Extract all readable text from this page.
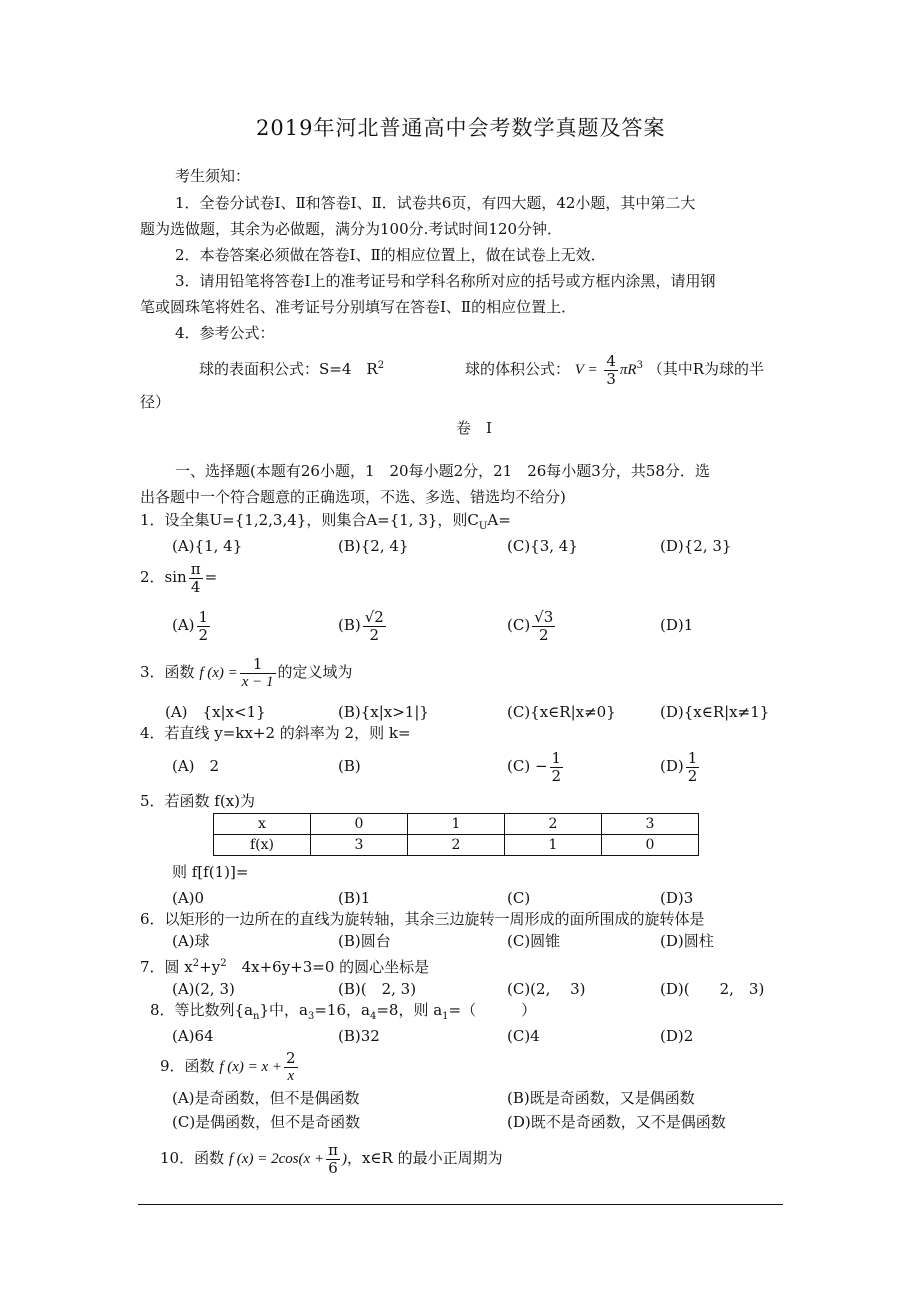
2019年河北普通高中会考数学真题及答案
考生须知：
1．全卷分试卷Ⅰ、Ⅱ和答卷Ⅰ、Ⅱ．试卷共6页，有四大题，42小题，其中第二大
题为选做题，其余为必做题，满分为100分.考试时间120分钟．
2．本卷答案必须做在答卷Ⅰ、Ⅱ的相应位置上，做在试卷上无效．
3．请用铅笔将答卷Ⅰ上的准考证号和学科名称所对应的括号或方框内涂黑，请用钢
笔或圆珠笔将姓名、准考证号分别填写在答卷Ⅰ、Ⅱ的相应位置上．
4．参考公式：
球的表面积公式：S=4　$R^2$	球的体积公式： $V = \frac{4}{3} \pi R^3$ （其中R为球的半
径）
卷　Ⅰ
一、选择题(本题有26小题，1　20每小题2分，21　26每小题3分，共58分．选
出各题中一个符合题意的正确选项，不选、多选、错选均不给分)
1．设全集U={1,2,3,4}，则集合A={1, 3}，则$C_UA=$
(A){1, 4}	(B){2, 4}	(C){3, 4}	(D){2, 3}
2．$\sin \frac{\pi}{4}$ =
$(A) \frac{1}{2}$	$(B) \frac{√2}{2}$	$(C) \frac{√3}{2}$	(D)1
3．函数 f $(x) = \frac{1}{x - 1}$ 的定义域为
(A)　{x|x<1}	(B){x|x>1|}	(C){x∈R|x≠0}	(D){x∈R|x≠1}
4．若直线 y=kx+2 的斜率为 2，则 k=
(A)　2	(B)	$(C) - \frac{1}{2}$	$(D) \frac{1}{2}$
5．若函数 f(x)为
x	0	1	2	3
f(x)	3	2	1	0
则 f[f(1)]=
(A)0	(B)1	(C)	(D)3
6．以矩形的一边所在的直线为旋转轴，其余三边旋转一周形成的面所围成的旋转体是
(A)球	(B)圆台	(C)圆锥	(D)圆柱
7．圆 $x^2+y^2$　4x+6y+3=0 的圆心坐标是
(A)(2, 3)	(B)(　2, 3)	(C)(2,　 3)	(D)(　　2,　3)
8．等比数列$\{a_n\}$中，$a_3=16$，$a_4=8$，则 $a_1=$（　　　）
(A)64	(B)32	(C)4	(D)2
9．函数 f $(x) = x + \frac{2}{x}$
(A)是奇函数，但不是偶函数	(B)既是奇函数，又是偶函数
(C)是偶函数，但不是奇函数	(D)既不是奇函数，又不是偶函数
10．函数 f $(x) = 2\cos(x + \frac{\pi}{6}$ )，x∈R 的最小正周期为
